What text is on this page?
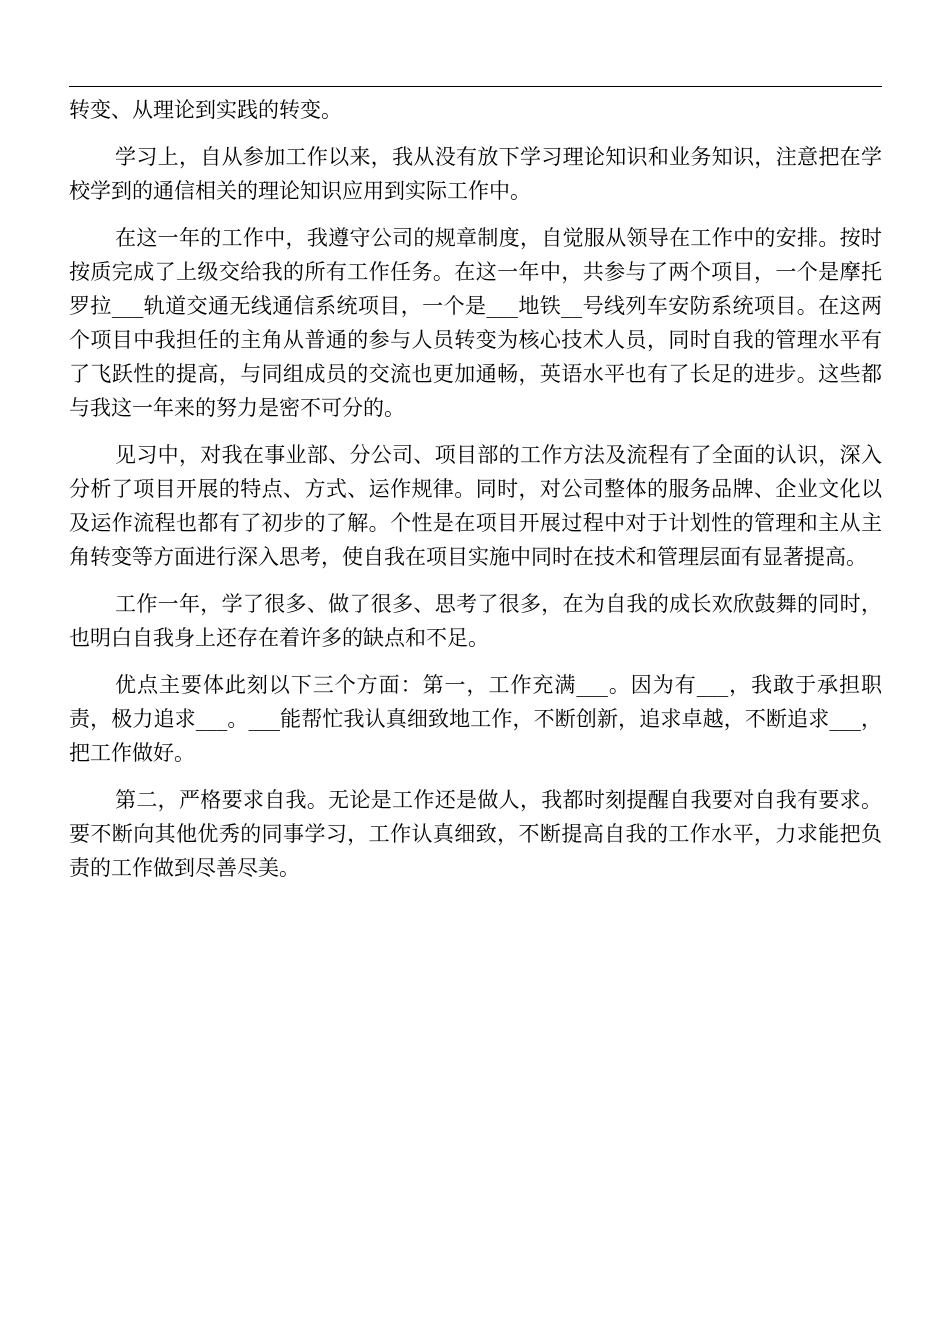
转变、从理论到实践的转变。

学习上，自从参加工作以来，我从没有放下学习理论知识和业务知识，注意把在学校学到的通信相关的理论知识应用到实际工作中。

在这一年的工作中，我遵守公司的规章制度，自觉服从领导在工作中的安排。按时按质完成了上级交给我的所有工作任务。在这一年中，共参与了两个项目，一个是摩托罗拉___轨道交通无线通信系统项目，一个是___地铁__号线列车安防系统项目。在这两个项目中我担任的主角从普通的参与人员转变为核心技术人员，同时自我的管理水平有了飞跃性的提高，与同组成员的交流也更加通畅，英语水平也有了长足的进步。这些都与我这一年来的努力是密不可分的。

见习中，对我在事业部、分公司、项目部的工作方法及流程有了全面的认识，深入分析了项目开展的特点、方式、运作规律。同时，对公司整体的服务品牌、企业文化以及运作流程也都有了初步的了解。个性是在项目开展过程中对于计划性的管理和主从主角转变等方面进行深入思考，使自我在项目实施中同时在技术和管理层面有显著提高。

工作一年，学了很多、做了很多、思考了很多，在为自我的成长欢欣鼓舞的同时，也明白自我身上还存在着许多的缺点和不足。

优点主要体此刻以下三个方面：第一，工作充满___。因为有___，我敢于承担职责，极力追求___。___能帮忙我认真细致地工作，不断创新，追求卓越，不断追求___，把工作做好。

第二，严格要求自我。无论是工作还是做人，我都时刻提醒自我要对自我有要求。要不断向其他优秀的同事学习，工作认真细致，不断提高自我的工作水平，力求能把负责的工作做到尽善尽美。
